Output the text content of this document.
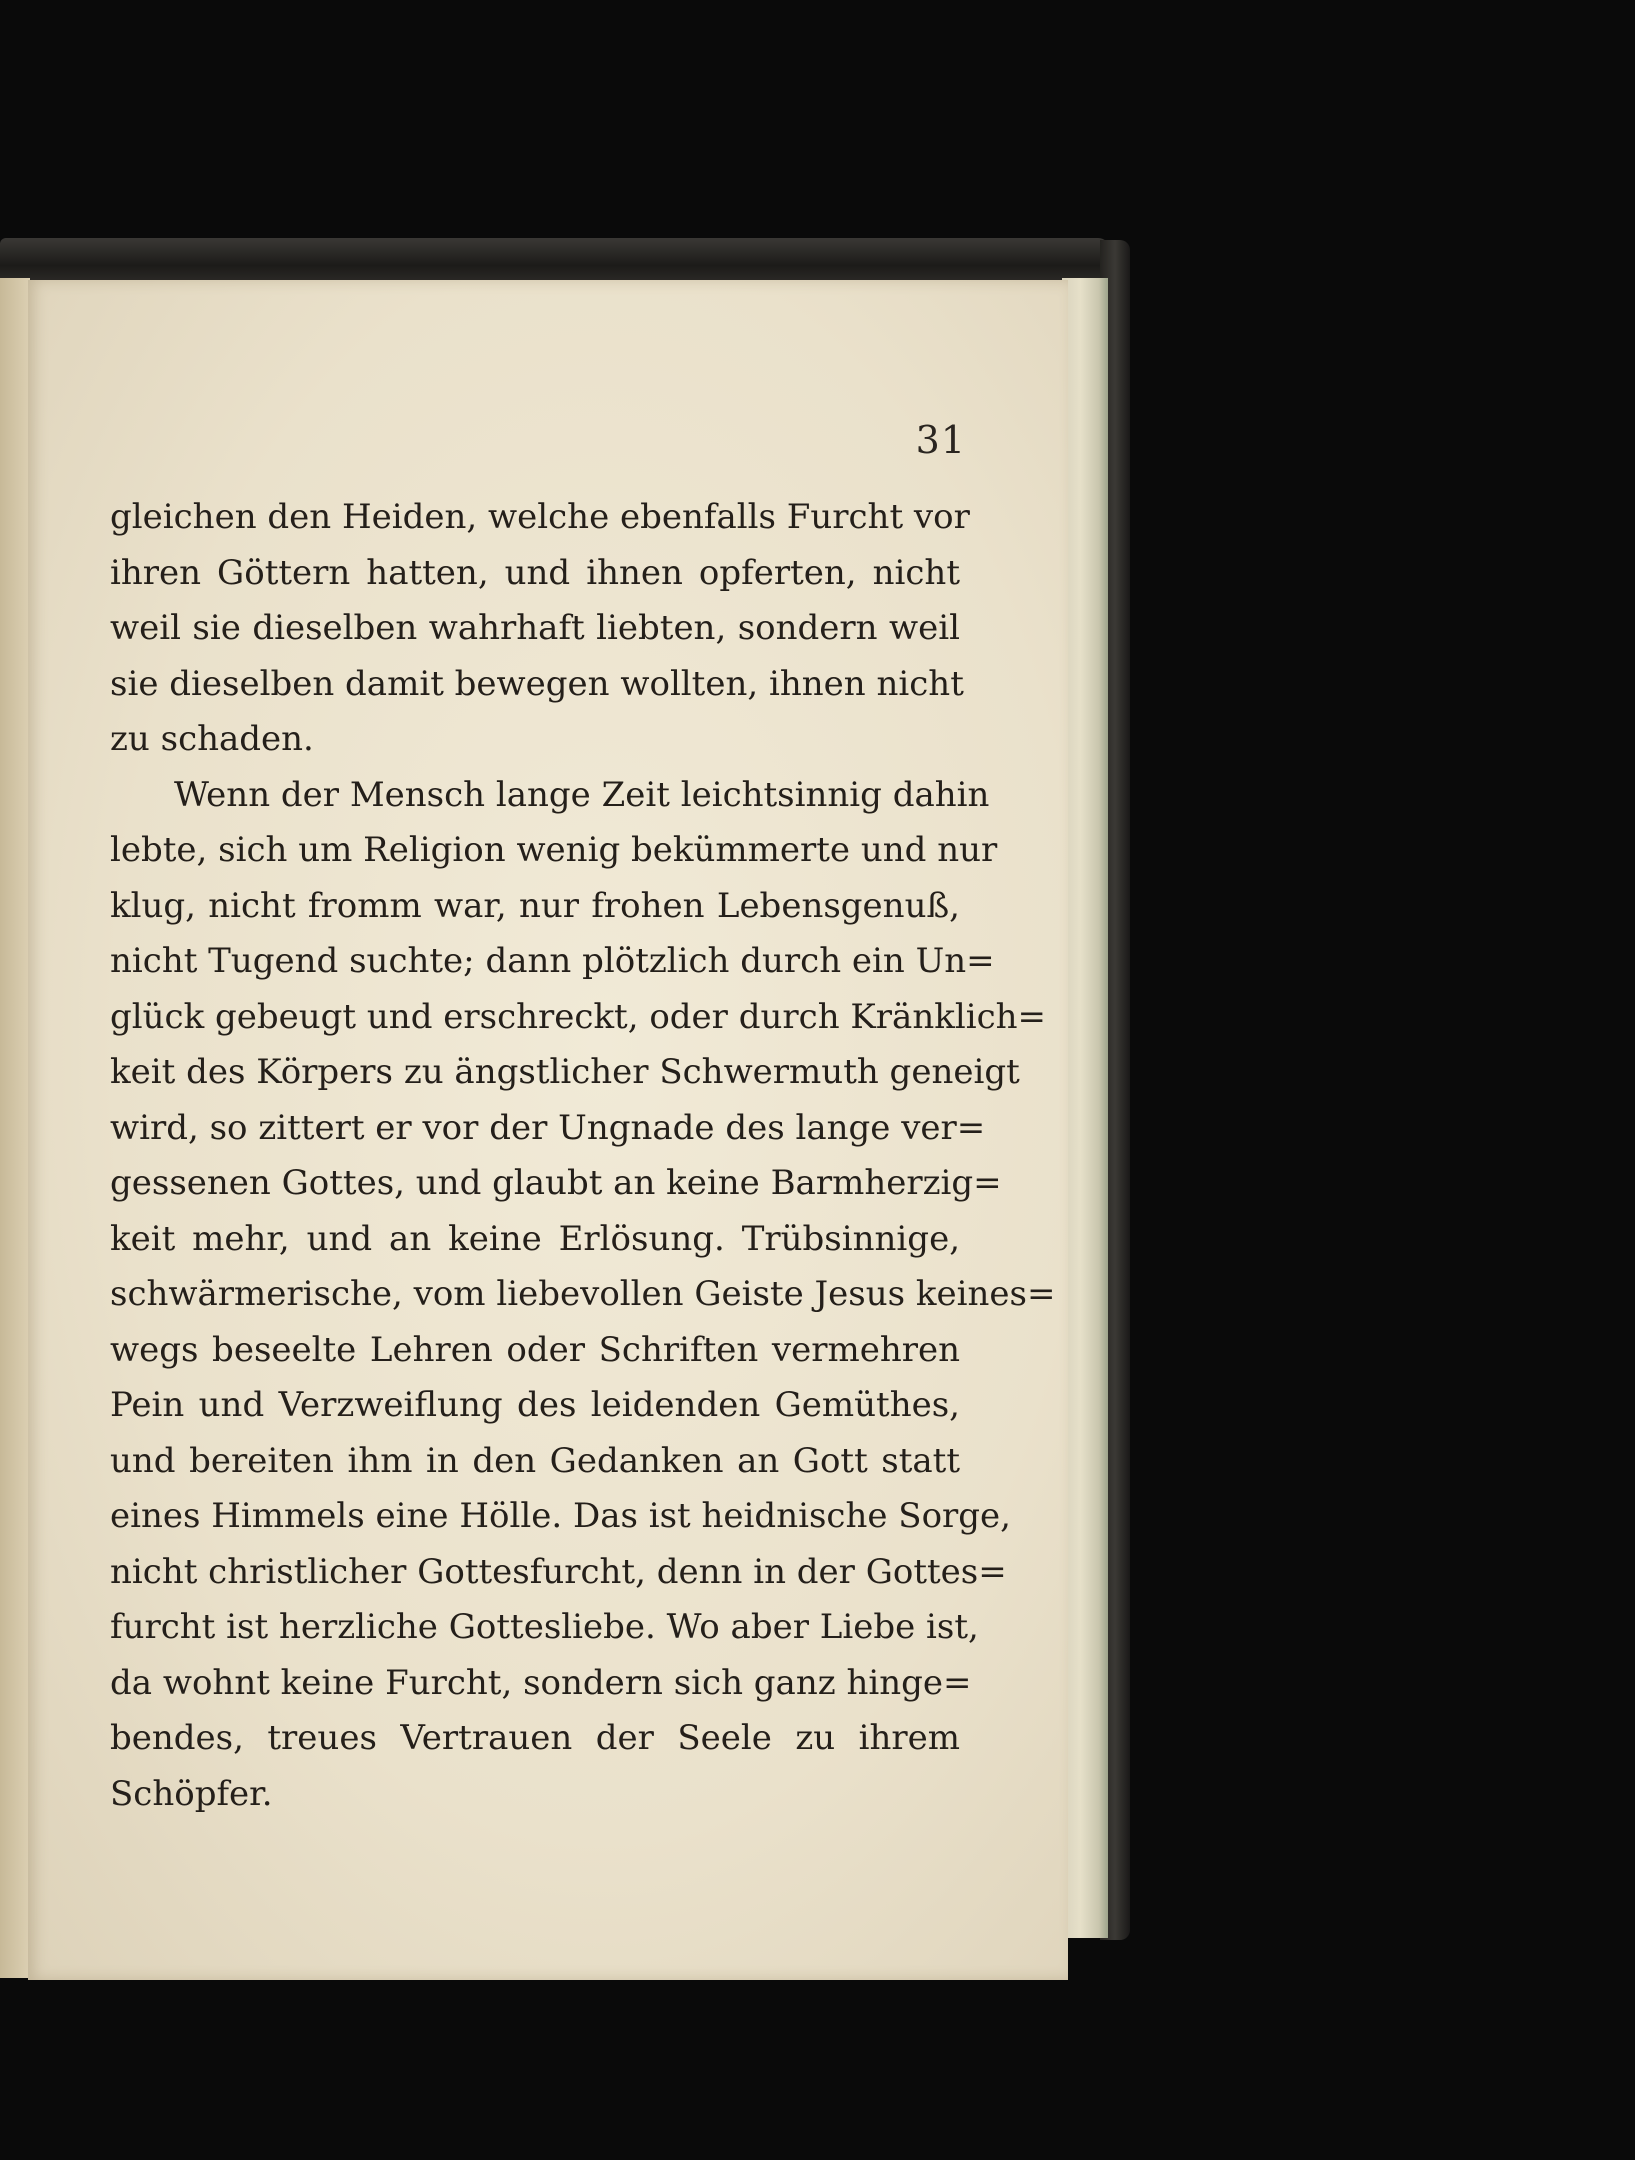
31
gleichen den Heiden, welche ebenfalls Furcht vor
ihren Göttern hatten, und ihnen opferten, nicht
weil sie dieselben wahrhaft liebten, sondern weil
sie dieselben damit bewegen wollten, ihnen nicht
zu schaden.
Wenn der Mensch lange Zeit leichtsinnig dahin
lebte, sich um Religion wenig bekümmerte und nur
klug, nicht fromm war, nur frohen Lebensgenuß,
nicht Tugend suchte; dann plötzlich durch ein Un=
glück gebeugt und erschreckt, oder durch Kränklich=
keit des Körpers zu ängstlicher Schwermuth geneigt
wird, so zittert er vor der Ungnade des lange ver=
gessenen Gottes, und glaubt an keine Barmherzig=
keit mehr, und an keine Erlösung. Trübsinnige,
schwärmerische, vom liebevollen Geiste Jesus keines=
wegs beseelte Lehren oder Schriften vermehren
Pein und Verzweiflung des leidenden Gemüthes,
und bereiten ihm in den Gedanken an Gott statt
eines Himmels eine Hölle. Das ist heidnische Sorge,
nicht christlicher Gottesfurcht, denn in der Gottes=
furcht ist herzliche Gottesliebe. Wo aber Liebe ist,
da wohnt keine Furcht, sondern sich ganz hinge=
bendes, treues Vertrauen der Seele zu ihrem
Schöpfer.
